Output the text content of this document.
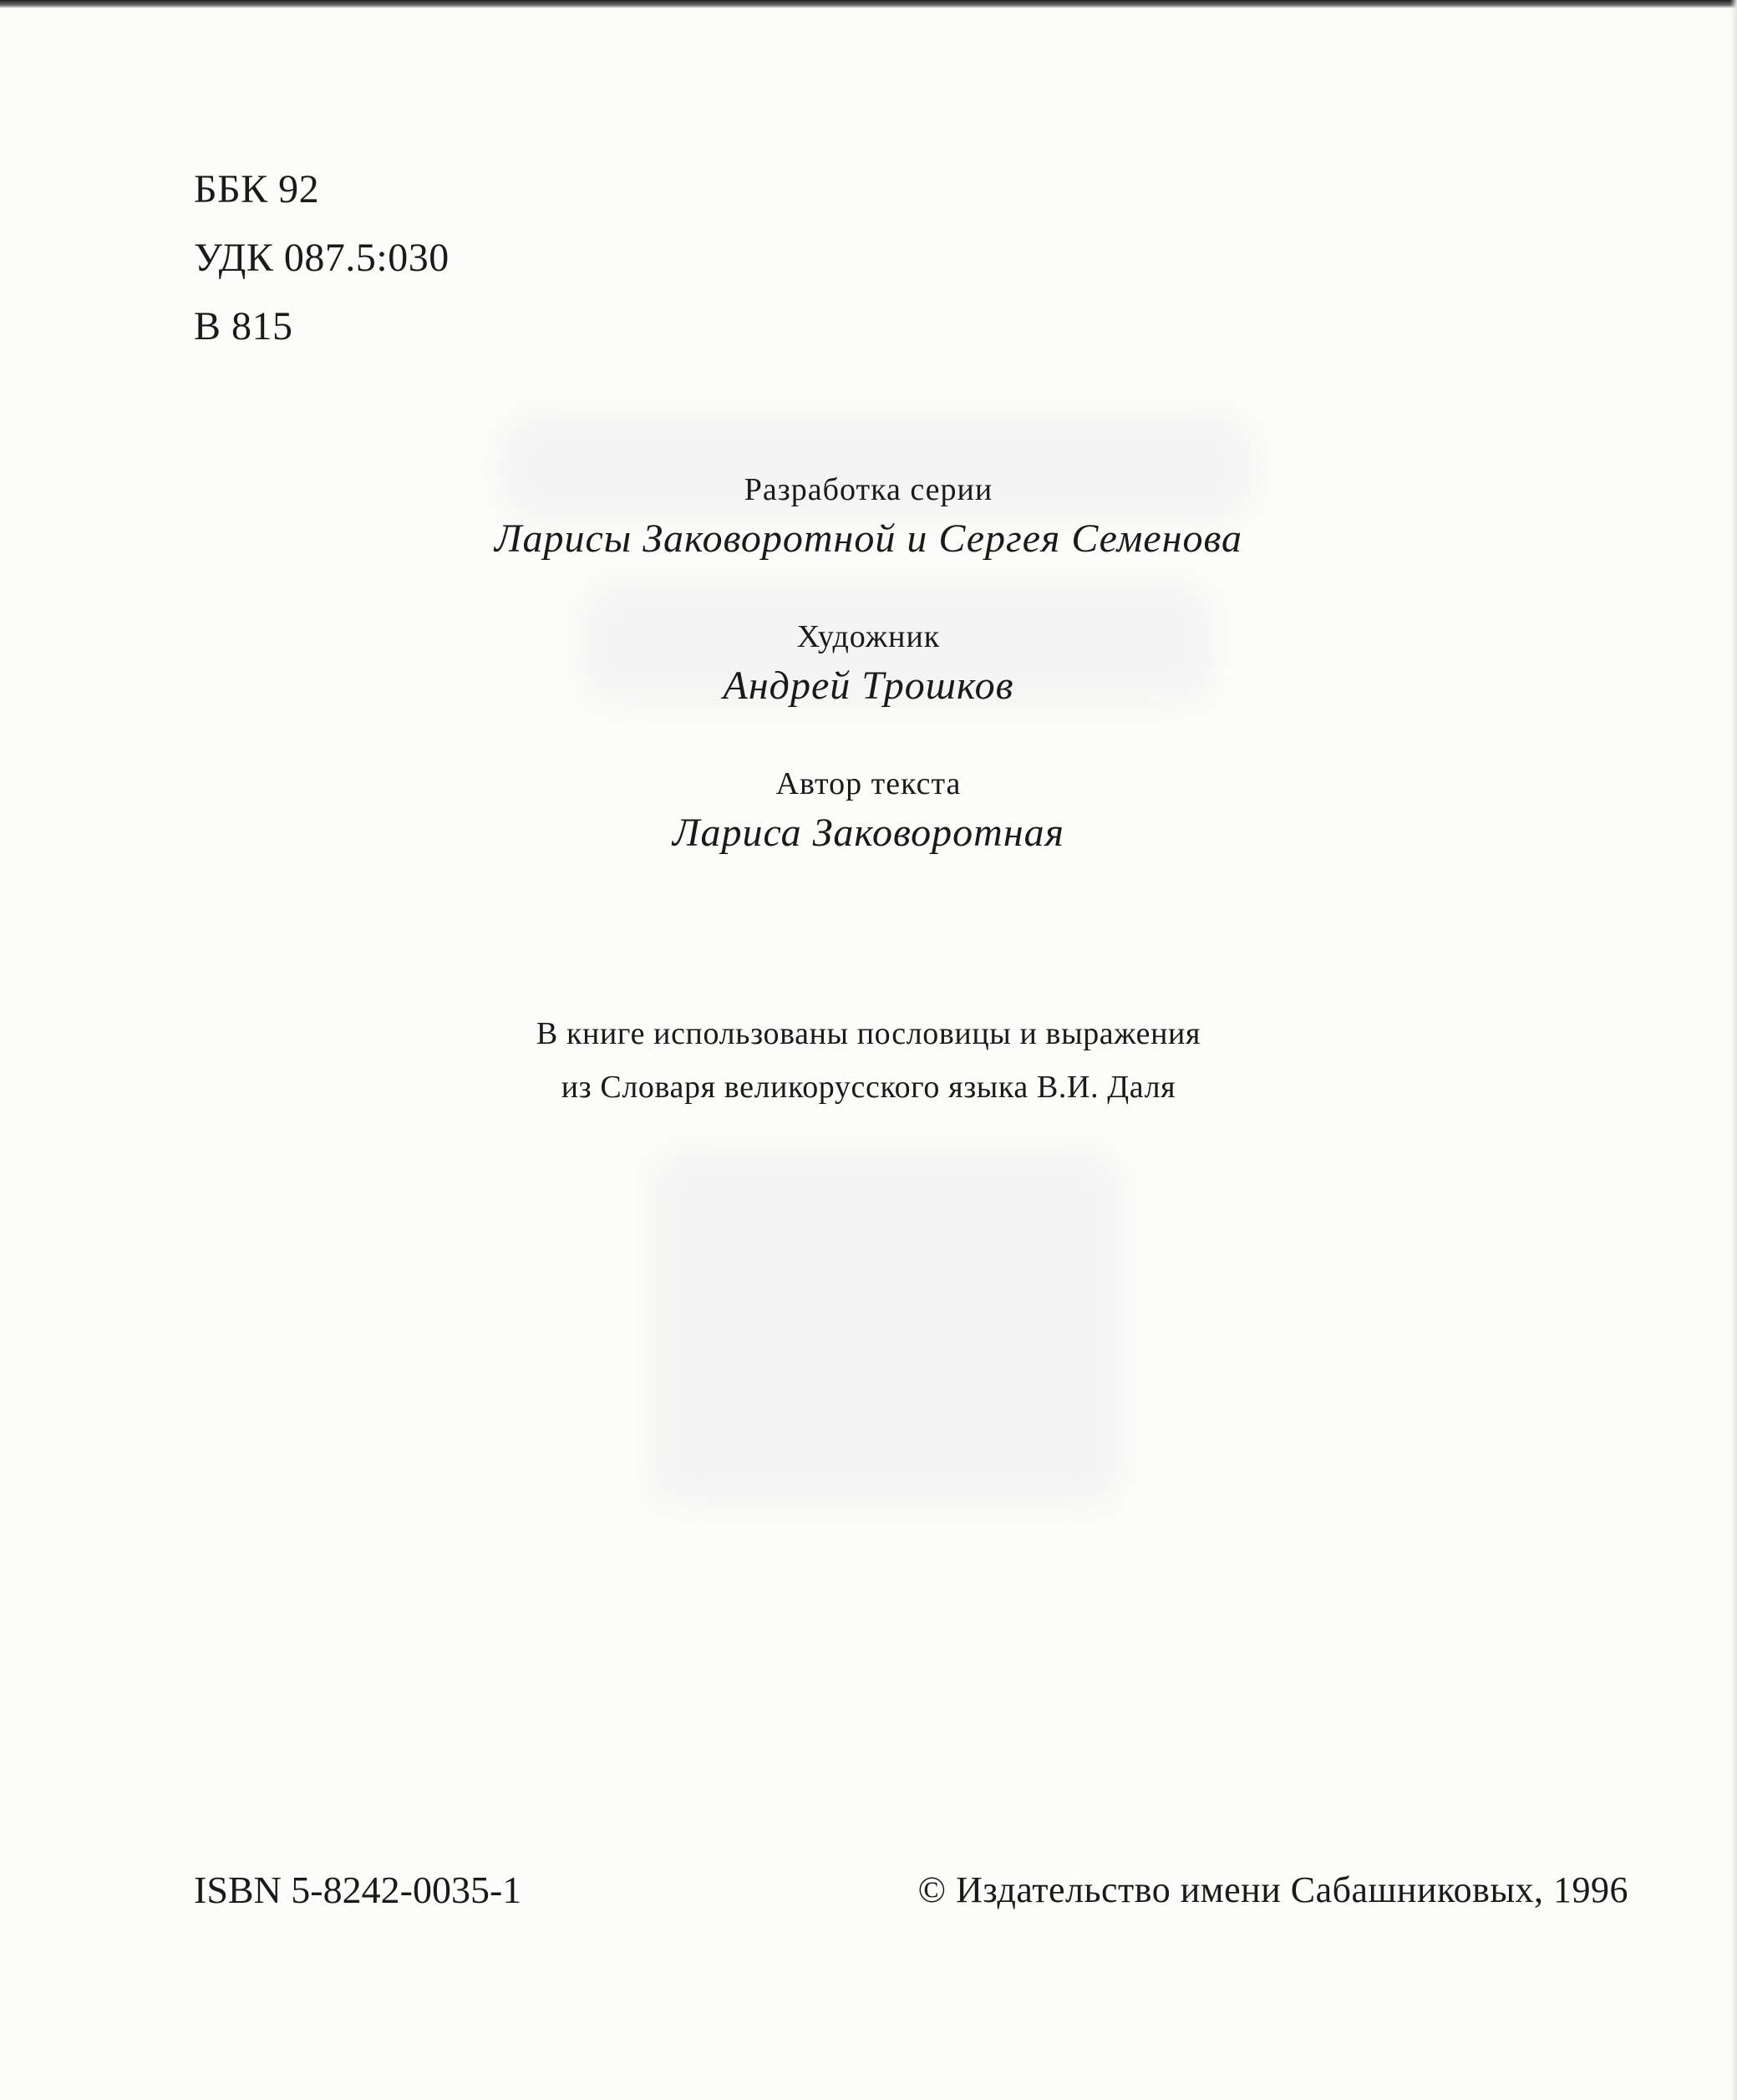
ББК 92
УДК 087.5:030
В 815
Разработка серии
Ларисы Заковоротной и Сергея Семенова
Художник
Андрей Трошков
Автор текста
Лариса Заковоротная
В книге использованы пословицы и выражения
из Словаря великорусского языка В.И. Даля
ISBN 5-8242-0035-1	© Издательство имени Сабашниковых, 1996
